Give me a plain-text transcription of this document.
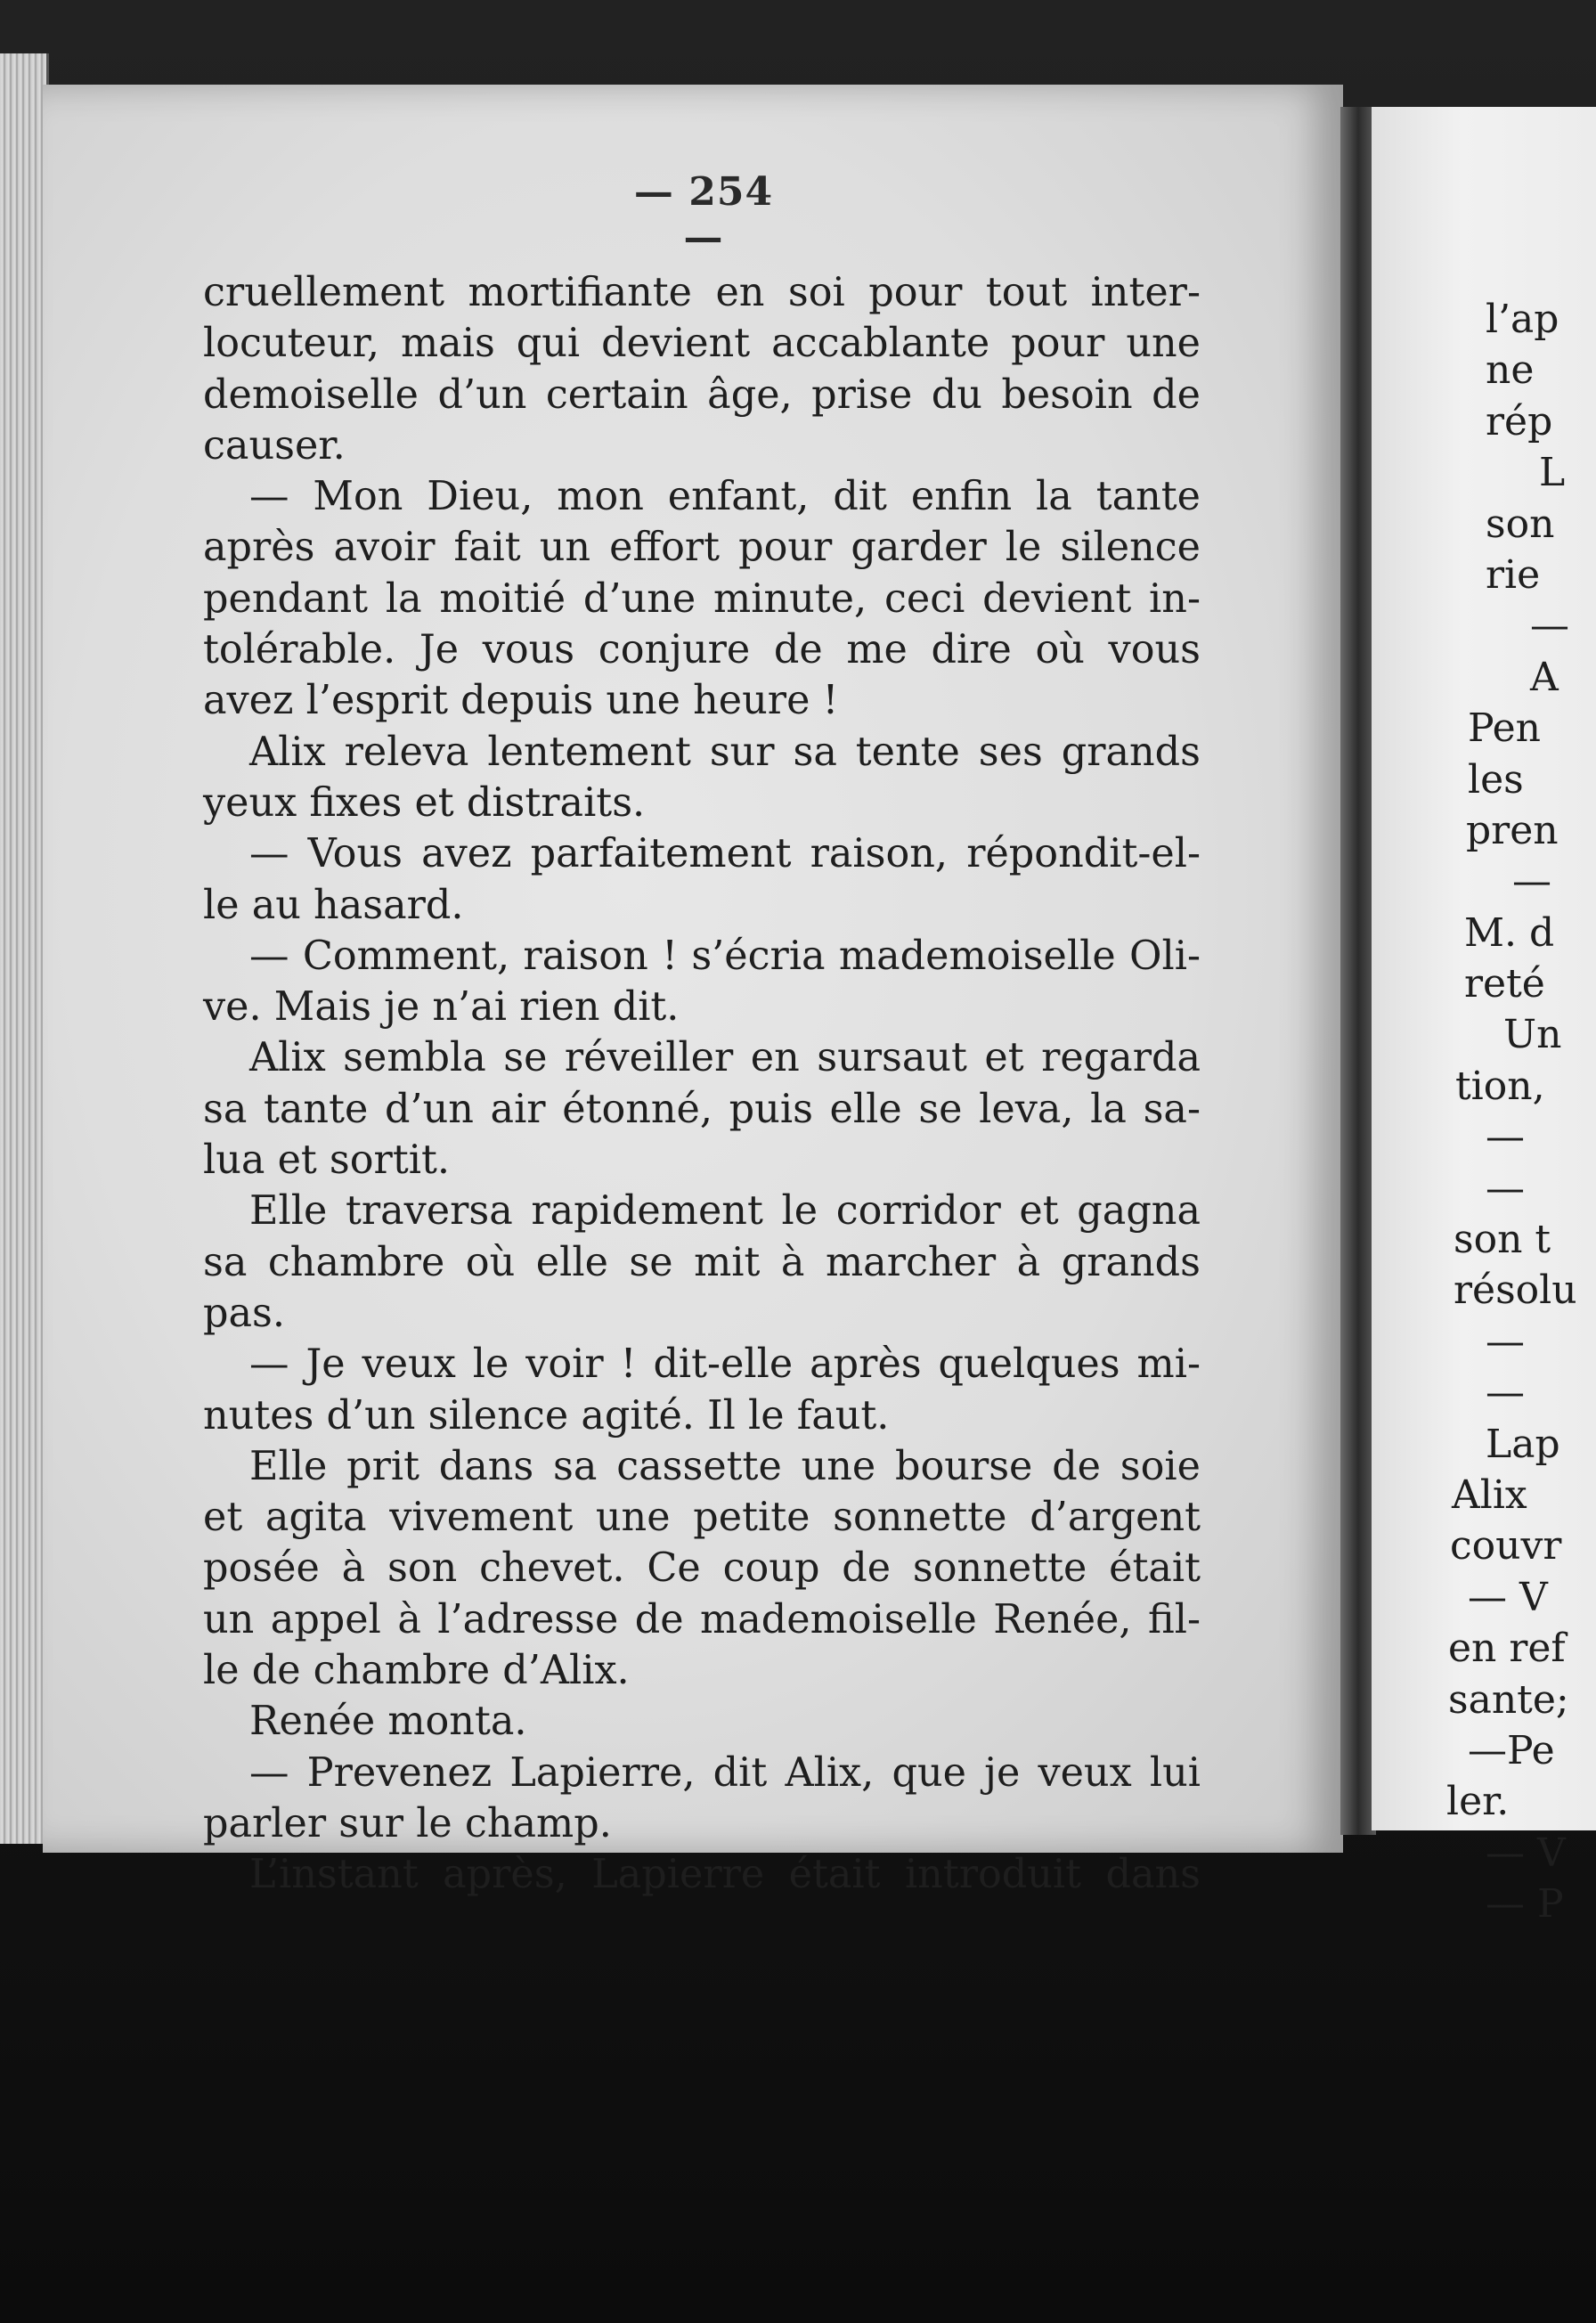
— 254 —
cruellement mortifiante en soi pour tout inter-
locuteur, mais qui devient accablante pour une
demoiselle d’un certain âge, prise du besoin de
causer.
— Mon Dieu, mon enfant, dit enfin la tante
après avoir fait un effort pour garder le silence
pendant la moitié d’une minute, ceci devient in-
tolérable. Je vous conjure de me dire où vous
avez l’esprit depuis une heure !
Alix releva lentement sur sa tente ses grands
yeux fixes et distraits.
— Vous avez parfaitement raison, répondit-el-
le au hasard.
— Comment, raison ! s’écria mademoiselle Oli-
ve. Mais je n’ai rien dit.
Alix sembla se réveiller en sursaut et regarda
sa tante d’un air étonné, puis elle se leva, la sa-
lua et sortit.
Elle traversa rapidement le corridor et gagna
sa chambre où elle se mit à marcher à grands
pas.
— Je veux le voir ! dit-elle après quelques mi-
nutes d’un silence agité. Il le faut.
Elle prit dans sa cassette une bourse de soie
et agita vivement une petite sonnette d’argent
posée à son chevet. Ce coup de sonnette était
un appel à l’adresse de mademoiselle Renée, fil-
le de chambre d’Alix.
Renée monta.
— Prevenez Lapierre, dit Alix, que je veux lui
parler sur le champ.
L’instant après, Lapierre était introduit dans
l’ap
ne
rép
L
son
rie
—
A
Pen
les
pren
—
M. d
reté
Un
tion,
—
—
son t
résolu
—
—
Lap
Alix
couvr
— V
en ref
sante;
—Pe
ler.
— V
— P
